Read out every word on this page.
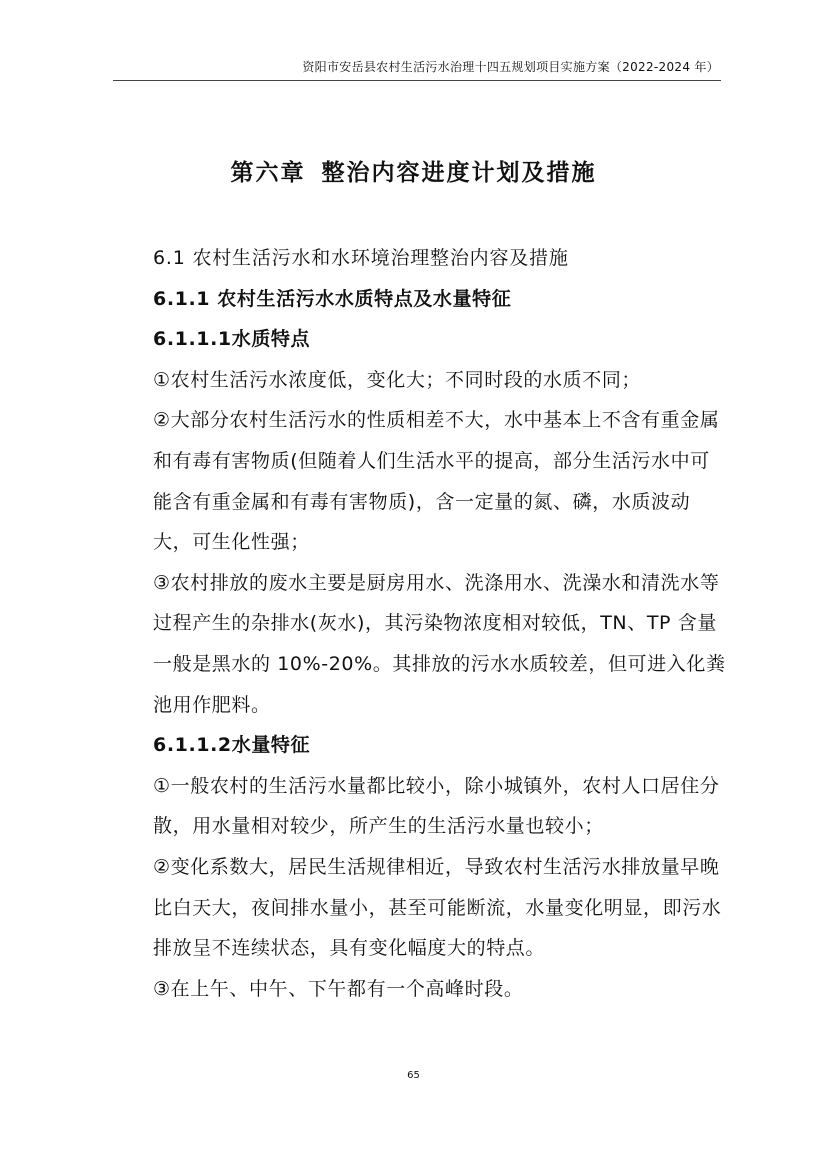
资阳市安岳县农村生活污水治理十四五规划项目实施方案（2022-2024 年）
第六章 整治内容进度计划及措施

6.1 农村生活污水和水环境治理整治内容及措施

6.1.1 农村生活污水水质特点及水量特征

6.1.1.1水质特点

①农村生活污水浓度低，变化大；不同时段的水质不同；

②大部分农村生活污水的性质相差不大，水中基本上不含有重金属和有毒有害物质(但随着人们生活水平的提高，部分生活污水中可能含有重金属和有毒有害物质)，含一定量的氮、磷，水质波动大，可生化性强；

③农村排放的废水主要是厨房用水、洗涤用水、洗澡水和清洗水等过程产生的杂排水(灰水)，其污染物浓度相对较低，TN、TP 含量一般是黑水的 10%-20%。其排放的污水水质较差，但可进入化粪池用作肥料。

6.1.1.2水量特征

①一般农村的生活污水量都比较小，除小城镇外，农村人口居住分散，用水量相对较少，所产生的生活污水量也较小；

②变化系数大，居民生活规律相近，导致农村生活污水排放量早晚比白天大，夜间排水量小，甚至可能断流，水量变化明显，即污水排放呈不连续状态，具有变化幅度大的特点。

③在上午、中午、下午都有一个高峰时段。

65
